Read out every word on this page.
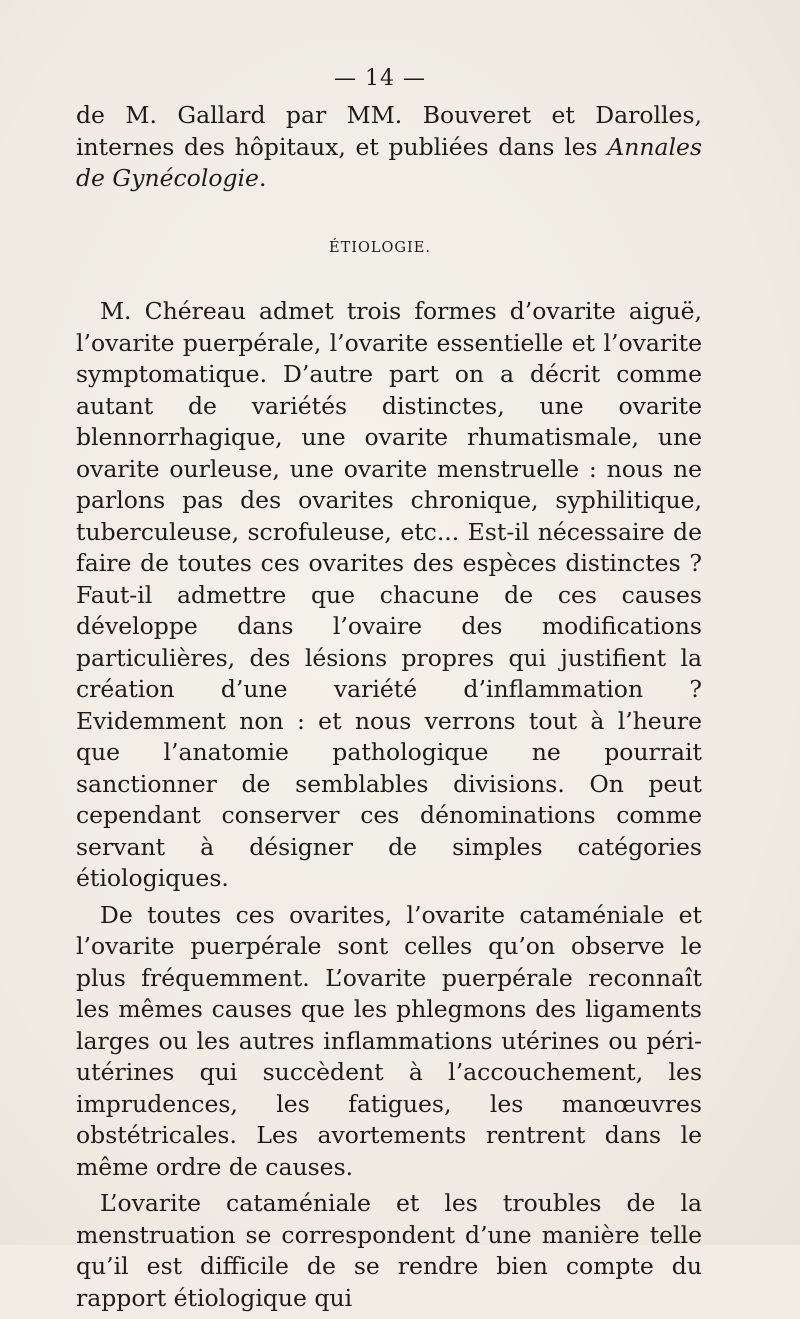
— 14 —

de M. Gallard par MM. Bouveret et Darolles, internes des hôpitaux, et publiées dans les Annales de Gynécologie.

ÉTIOLOGIE.

M. Chéreau admet trois formes d’ovarite aiguë, l’ovarite puerpérale, l’ovarite essentielle et l’ovarite symptomatique. D’autre part on a décrit comme autant de variétés distinctes, une ovarite blennorrhagique, une ovarite rhumatismale, une ovarite ourleuse, une ovarite menstruelle : nous ne parlons pas des ovarites chronique, syphilitique, tuberculeuse, scrofuleuse, etc... Est-il nécessaire de faire de toutes ces ovarites des espèces distinctes ? Faut-il admettre que chacune de ces causes développe dans l’ovaire des modifications particulières, des lésions propres qui justifient la création d’une variété d’inflammation ? Evidemment non : et nous verrons tout à l’heure que l’anatomie pathologique ne pourrait sanctionner de semblables divisions. On peut cependant conserver ces dénominations comme servant à désigner de simples catégories étiologiques.

De toutes ces ovarites, l’ovarite cataméniale et l’ovarite puerpérale sont celles qu’on observe le plus fréquemment. L’ovarite puerpérale reconnaît les mêmes causes que les phlegmons des ligaments larges ou les autres inflammations utérines ou péri-utérines qui succèdent à l’accouchement, les imprudences, les fatigues, les manœuvres obstétricales. Les avortements rentrent dans le même ordre de causes.

L’ovarite cataméniale et les troubles de la menstruation se correspondent d’une manière telle qu’il est difficile de se rendre bien compte du rapport étiologique qui
